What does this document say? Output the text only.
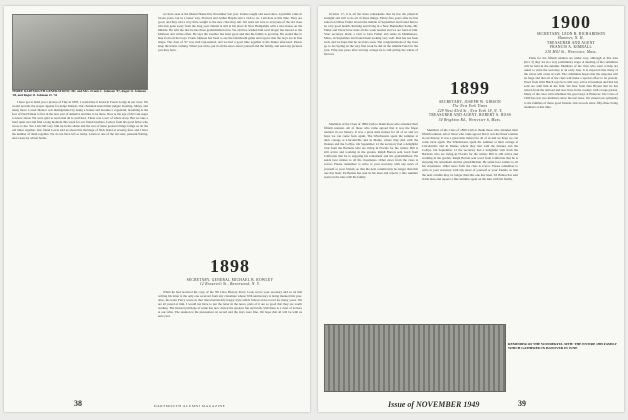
THREE DARTMOUTH GENERATIONS: Mr. and Mrs. Frank C. Johnson '97, Roger O. Johnson '28, and Roger O. Johnson Jr. '51

I have got to hand you a picture of Tiny in 1895, I would like it noted in Forest Lodge in our class. We would provide the proper agenda for judge Temple. Our chairman stated their judges: Keating, Sibley, and many more. Lower Mentor was distinguished by being a broker and became a vagabond, breathing at the foot of Ned Fabian to live in the new part of America and like to be there. Now at the age of 60 I am eager to know about. We were glad to learn that all is well here. There was a sort of whole story. But we take a brief quiet rest and find a long moment this week for our friend brothers. Lettres from his good fellas who wrote to me. Yes I am still very trim up in the shade and the rest of these greatest things brings us all the old times together. Our friend Lewis told us about this marriage of Nick Rand at seventy-four, and I have the number of them together. We do not have left so many. Listen to one of the ten sons, pleasant fishing, and a near-by winter home.

we have seen at the Mount Home Inn, November last year. Unless taught and used since, Lynchlife came in Seven years, but in a better way. Tractors and Arthur Haydn sent a visit to us. I am here at this time. They are good, and they add a very little weight to the new class they left. We send our love to everyone of the old class who has gone away from the long year. Daniel is still at his place in New Hampshire with a nice house on the hillside. He tells me that he has three grandchildren now. We all have wished him well. Roger has moved to the Midwest and writes often. He says the weather has been good and that his family is growing. He would like to hear from all the boys. Frank Johnson has been to see the Dartmouth game and reports that the boys are in fine shape. The class of '97 was well represented, and we had a good time together at the dinner afterward. Please keep the letters coming. When you write, put in all the news about yourself and the family, and send any pictures you may have.

1898
SECRETARY, GENERAL MICHAEL B. ROWLEY
12 Roosevelt St., Ravenwood, N. Y.

When he had received his copy of the '98 Class History Percy Cook wrote your secretary and so on this writing his letter is the only one received from any classmate whose 50th anniversary is being marked this year. Also, his letter Percy wrote in that characteristically happy style which fellows have loved for many years. We are all proud of him. I would not have to put the letter in the news, parts of it are so good that they are worth reading. The blessed privilege of some has now drawn the greatest fun and truth. Still there is a class of us here at our table. The reunion is the pleasantest on record and the days were fine. We hope that all will be with us next year.

38	DARTMOUTH ALUMNI MAGAZINE

October 17, it is all the more remarkable that he has the physical strength and will to do all of these things. Thirty-five years after he had sailed on Oliver Fuller aboard the middle of September and found him to be very good health. Retiring and living in a New Hampshire home, Mr. Fuller and Oscar have done all the work needed and we are fond of him. Your secretary made a visit to Don Fisher and Anna in Middleboro, Mass., in September and found them looking very well. Don has not been well, and we hope that he recovers soon. The congratulations of the class go to Joe Spring on the very fine work he did on the Alumni Fund for the year. Fifty-one years after leaving college he is still giving the whole of his best.

1899
SECRETARY, JOSEPH W. GIBSON
The New York Times
229 West 43rd St., New York 18, N. Y.
TREASURER AND AGENT, ROBERT A. ROSS
34 Brighton Rd., Worcester 6, Mass.

Members of the Class of 1899 wish to thank those who attended their fiftieth reunion. All of those who came agreed that it was the finest reunion in our history. It was a great time indeed for all of us and we hope we can come back again. The Winchesters spent the summer at their cottage at Lincolnville and in Maine, where they met with the Doanes and the Colbys. On September 12 the secretary had a delightful visit from the Bartletts who are living in Florida for the winter. Bill is still active and working in the garden. Ralph Barron sent word from California that he is enjoying his retirement and his grandchildren. He sends best wishes to all his classmates. Other news from the class is scarce. Please remember to write to your secretary with any news of yourself or your friends, so that the next column may be longer than this one has been. Ed Ballou has sent in his dues and reports a fine summer spent on the lake with his family.

Members of the Class of 1899 wish to thank those who attended their fiftieth reunion. All of those who came agreed that it was the finest reunion in our history. It was a great time indeed for all of us and we hope we can come back again. The Winchesters spent the summer at their cottage at Lincolnville and in Maine, where they met with the Doanes and the Colbys. On September 12 the secretary had a delightful visit from the Bartletts who are living in Florida for the winter. Bill is still active and working in the garden. Ralph Barron sent word from California that he is enjoying his retirement and his grandchildren. He sends best wishes to all his classmates. Other news from the class is scarce. Please remember to write to your secretary with any news of yourself or your friends, so that the next column may be longer than this one has been. Ed Ballou has sent in his dues and reports a fine summer spent on the lake with his family.

1900
SECRETARY, LEON B. RICHARDSON
Hanover, N. H.
TREASURER AND AGENT
FRANCIS A. KIMBALL
210 Mill St., Worcester, Mass.

Plans for the fiftieth reunion are under way, although at this date (Oct. 5) they are in a very preliminary stage. A meeting of the committee will be held in the autumn. Members of the class who want to help are asked to write the secretary at an early date. It is expected that many of the wives will come as well. The committee hopes that the response will be large and that all of the class will make a special effort to be present. Word from Walt Hatch says he is still very active in business and that his sons are with him in the firm. We hear from Dan Bryant that he has retired from the railroad and now lives in the country with a large garden. Many of the class will remember the good days at Hanover. The Class of 1900 has lost two members since the last issue. We extend our sympathy to the families of these good friends. Our records show fifty-three living members at this time.

REMINDER OF THE WONDERFUL 50TH: THE ENTIRE 1899 FAMILY WHICH GATHERED IN HANOVER IN JUNE
Issue of NOVEMBER 1949	39
